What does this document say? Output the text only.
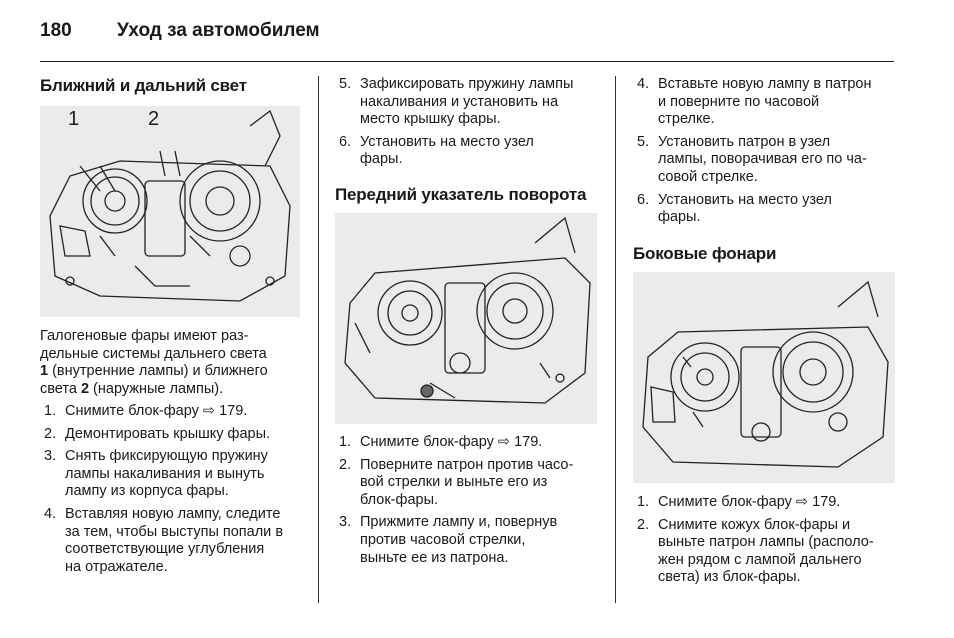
180 Уход за автомобилем
Ближний и дальний свет
1	2

Галогеновые фары имеют раз-

дельные системы дальнего света

1 (внутренние лампы) и ближнего

света 2 (наружные лампы).

1. Снимите блок-фару ⇨ 179.
2. Демонтировать крышку фары.
3. Снять фиксирующую пружину
лампы накаливания и вынуть
лампу из корпуса фары.
4. Вставляя новую лампу, следите
за тем, чтобы выступы попали в
соответствующие углубления
на отражателе.
5. Зафиксировать пружину лампы
накаливания и установить на
место крышку фары.
6. Установить на место узел
фары.
Передний указатель поворота
1. Снимите блок-фару ⇨ 179.
2. Поверните патрон против часо-
вой стрелки и выньте его из
блок-фары.
3. Прижмите лампу и, повернув
против часовой стрелки,
выньте ее из патрона.
4. Вставьте новую лампу в патрон
и поверните по часовой
стрелке.
5. Установить патрон в узел
лампы, поворачивая его по ча-
совой стрелке.
6. Установить на место узел
фары.
Боковые фонари
1. Снимите блок-фару ⇨ 179.
2. Снимите кожух блок-фары и
выньте патрон лампы (располо-
жен рядом с лампой дальнего
света) из блок-фары.
